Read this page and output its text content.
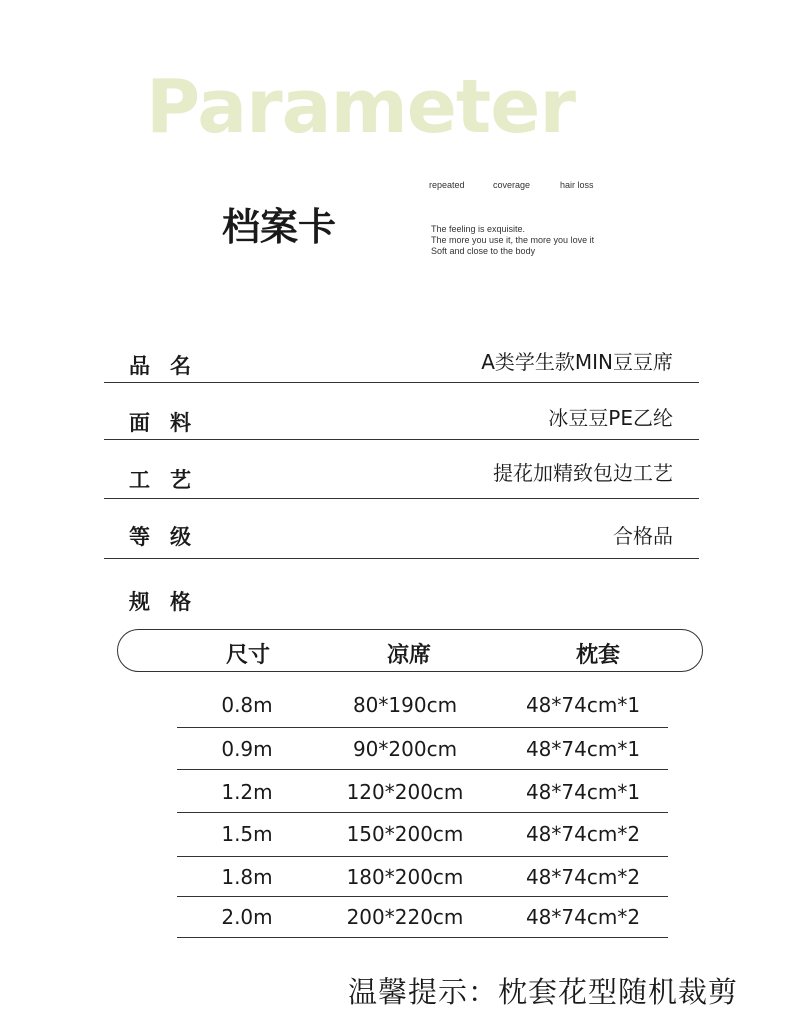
Parameter
repeated	coverage	hair loss
档案卡	The feeling is exquisite.
The more you use it, the more you love it
Soft and close to the body
品名	A类学生款MIN豆豆席
面料	冰豆豆PE乙纶
工艺	提花加精致包边工艺
等级	合格品
规格
尺寸	凉席	枕套
0.8m	80*190cm	48*74cm*1
0.9m	90*200cm	48*74cm*1
1.2m	120*200cm	48*74cm*1
1.5m	150*200cm	48*74cm*2
1.8m	180*200cm	48*74cm*2
2.0m	200*220cm	48*74cm*2
温馨提示：枕套花型随机裁剪
